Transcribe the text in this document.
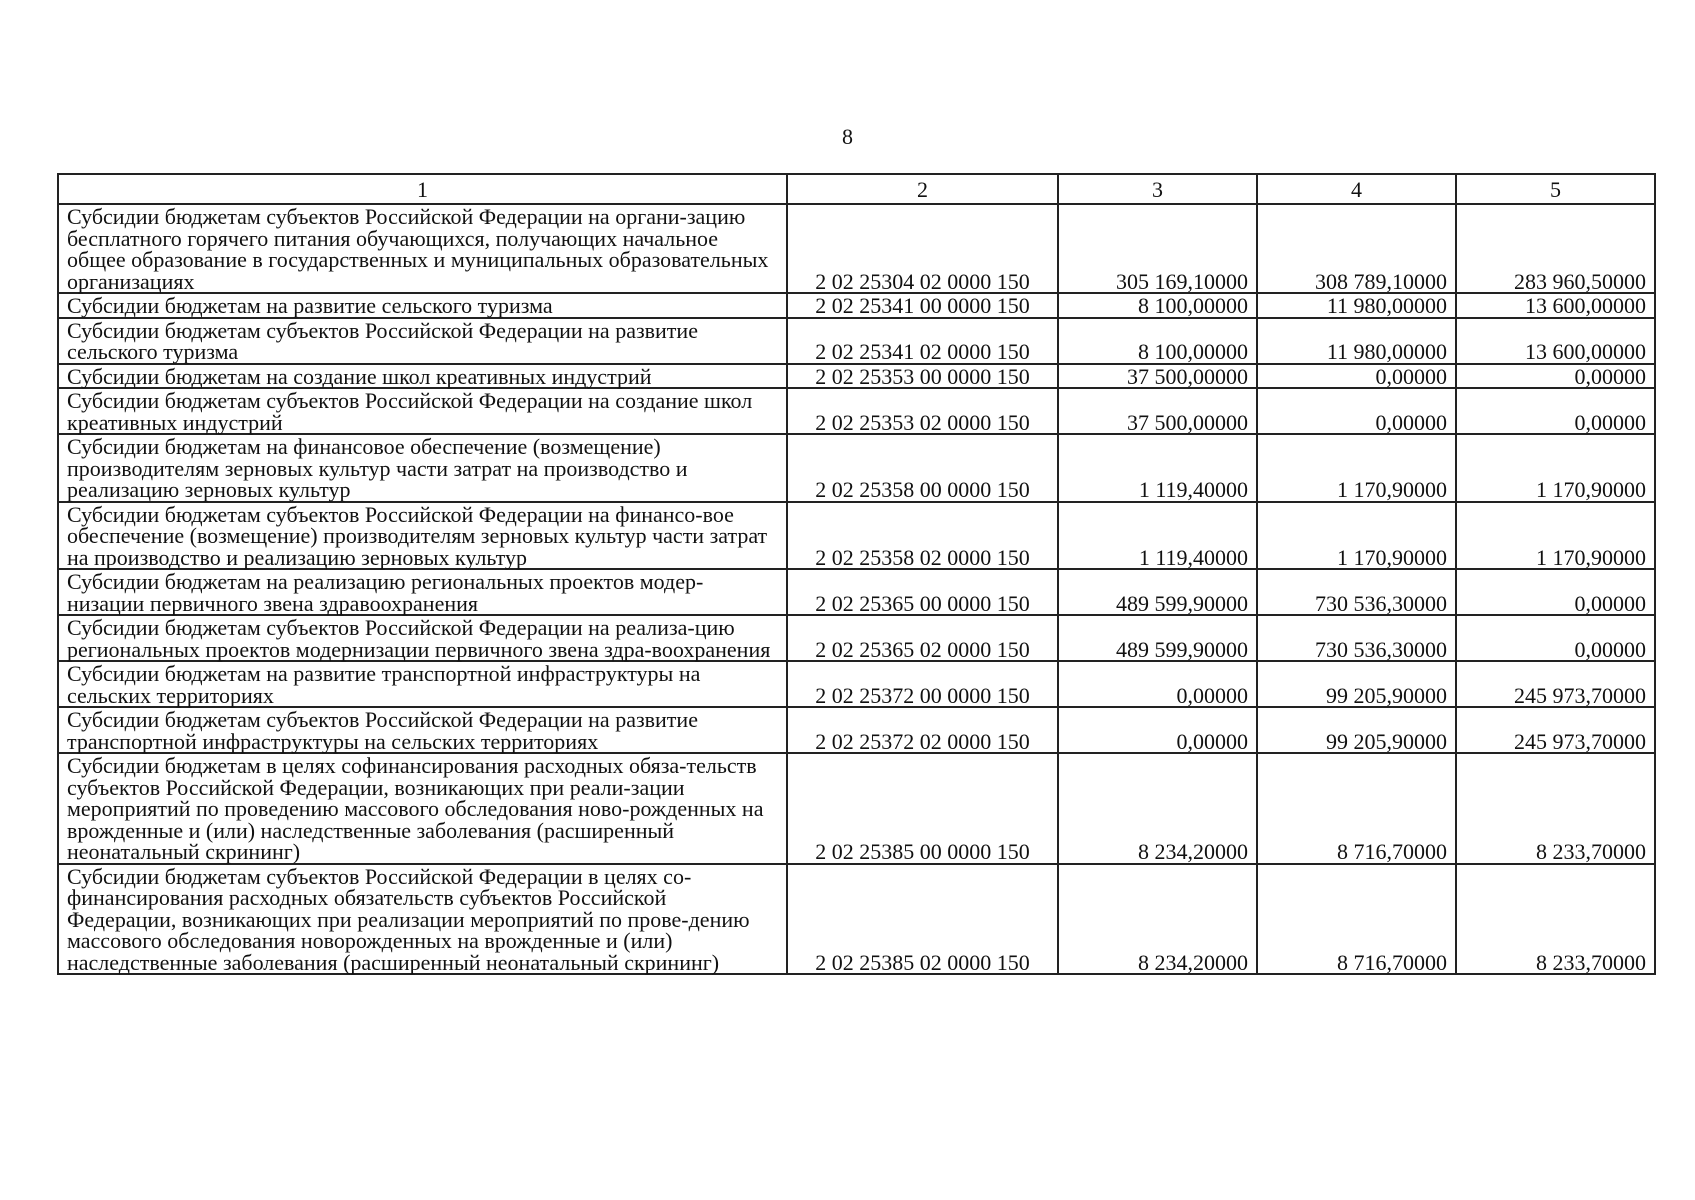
8
1	2	3	4	5
Субсидии бюджетам субъектов Российской Федерации на органи-зацию бесплатного горячего питания обучающихся, получающих начальное общее образование в государственных и муниципальных образовательных организациях	2 02 25304 02 0000 150	305 169,10000	308 789,10000	283 960,50000
Субсидии бюджетам на развитие сельского туризма	2 02 25341 00 0000 150	8 100,00000	11 980,00000	13 600,00000
Субсидии бюджетам субъектов Российской Федерации на развитие сельского туризма	2 02 25341 02 0000 150	8 100,00000	11 980,00000	13 600,00000
Субсидии бюджетам на создание школ креативных индустрий	2 02 25353 00 0000 150	37 500,00000	0,00000	0,00000
Субсидии бюджетам субъектов Российской Федерации на создание школ креативных индустрий	2 02 25353 02 0000 150	37 500,00000	0,00000	0,00000
Субсидии бюджетам на финансовое обеспечение (возмещение) производителям зерновых культур части затрат на производство и реализацию зерновых культур	2 02 25358 00 0000 150	1 119,40000	1 170,90000	1 170,90000
Субсидии бюджетам субъектов Российской Федерации на финансо-вое обеспечение (возмещение) производителям зерновых культур части затрат на производство и реализацию зерновых культур	2 02 25358 02 0000 150	1 119,40000	1 170,90000	1 170,90000
Субсидии бюджетам на реализацию региональных проектов модер-низации первичного звена здравоохранения	2 02 25365 00 0000 150	489 599,90000	730 536,30000	0,00000
Субсидии бюджетам субъектов Российской Федерации на реализа-цию региональных проектов модернизации первичного звена здра-воохранения	2 02 25365 02 0000 150	489 599,90000	730 536,30000	0,00000
Субсидии бюджетам на развитие транспортной инфраструктуры на сельских территориях	2 02 25372 00 0000 150	0,00000	99 205,90000	245 973,70000
Субсидии бюджетам субъектов Российской Федерации на развитие транспортной инфраструктуры на сельских территориях	2 02 25372 02 0000 150	0,00000	99 205,90000	245 973,70000
Субсидии бюджетам в целях софинансирования расходных обяза-тельств субъектов Российской Федерации, возникающих при реали-зации мероприятий по проведению массового обследования ново-рожденных на врожденные и (или) наследственные заболевания (расширенный неонатальный скрининг)	2 02 25385 00 0000 150	8 234,20000	8 716,70000	8 233,70000
Субсидии бюджетам субъектов Российской Федерации в целях со-финансирования расходных обязательств субъектов Российской Федерации, возникающих при реализации мероприятий по прове-дению массового обследования новорожденных на врожденные и (или) наследственные заболевания (расширенный неонатальный скрининг)	2 02 25385 02 0000 150	8 234,20000	8 716,70000	8 233,70000
